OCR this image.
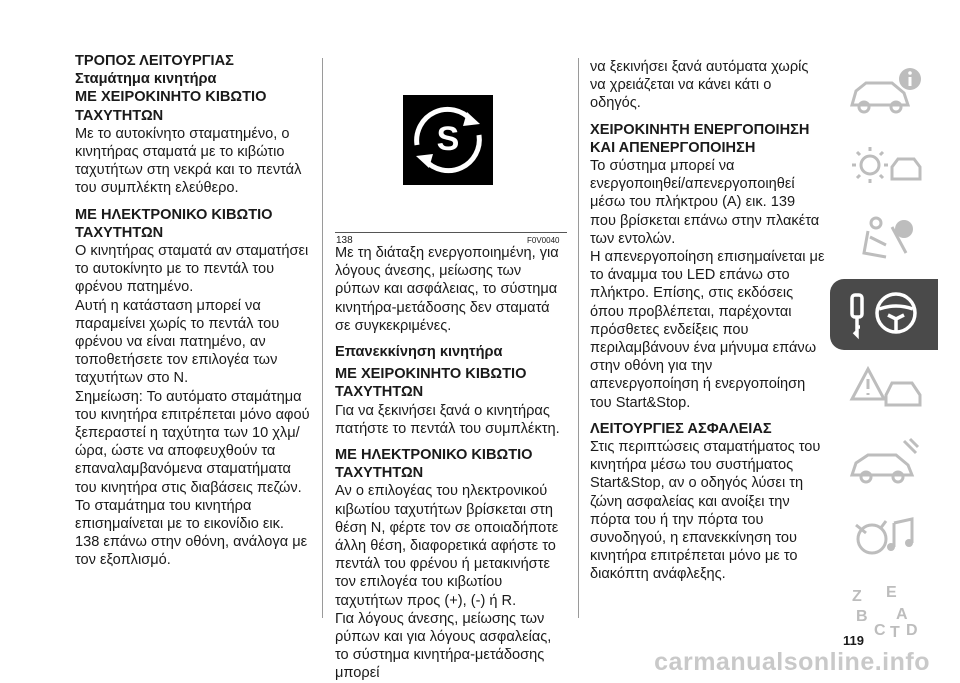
ΤΡΟΠΟΣ ΛΕΙΤΟΥΡΓΙΑΣ

Σταμάτημα κινητήρα

ΜΕ ΧΕΙΡΟΚΙΝΗΤΟ ΚΙΒΩΤΙΟ ΤΑΧΥΤΗΤΩΝ

Με το αυτοκίνητο σταματημένο, ο κινητήρας σταματά με το κιβώτιο ταχυτήτων στη νεκρά και το πεντάλ του συμπλέκτη ελεύθερο.

ΜΕ ΗΛΕΚΤΡΟΝΙΚΟ ΚΙΒΩΤΙΟ ΤΑΧΥΤΗΤΩΝ

Ο κινητήρας σταματά αν σταματήσει το αυτοκίνητο με το πεντάλ του φρένου πατημένο.

Αυτή η κατάσταση μπορεί να παραμείνει χωρίς το πεντάλ του φρένου να είναι πατημένο, αν τοποθετήσετε τον επιλογέα των ταχυτήτων στο N.

Σημείωση: Το αυτόματο σταμάτημα του κινητήρα επιτρέπεται μόνο αφού ξεπεραστεί η ταχύτητα των 10 χλμ/ώρα, ώστε να αποφευχθούν τα επαναλαμβανόμενα σταματήματα του κινητήρα στις διαβάσεις πεζών.

Το σταμάτημα του κινητήρα επισημαίνεται με το εικονίδιο εικ. 138 επάνω στην οθόνη, ανάλογα με τον εξοπλισμό.

S
138	F0V0040

Με τη διάταξη ενεργοποιημένη, για λόγους άνεσης, μείωσης των ρύπων και ασφάλειας, το σύστημα κινητήρα-μετάδοσης δεν σταματά σε συγκεκριμένες.

Επανεκκίνηση κινητήρα

ΜΕ ΧΕΙΡΟΚΙΝΗΤΟ ΚΙΒΩΤΙΟ ΤΑΧΥΤΗΤΩΝ

Για να ξεκινήσει ξανά ο κινητήρας πατήστε το πεντάλ του συμπλέκτη.

ΜΕ ΗΛΕΚΤΡΟΝΙΚΟ ΚΙΒΩΤΙΟ ΤΑΧΥΤΗΤΩΝ

Αν ο επιλογέας του ηλεκτρονικού κιβωτίου ταχυτήτων βρίσκεται στη θέση N, φέρτε τον σε οποιαδήποτε άλλη θέση, διαφορετικά αφήστε το πεντάλ του φρένου ή μετακινήστε τον επιλογέα του κιβωτίου ταχυτήτων προς (+), (-) ή R.

Για λόγους άνεσης, μείωσης των ρύπων και για λόγους ασφαλείας, το σύστημα κινητήρα-μετάδοσης μπορεί

να ξεκινήσει ξανά αυτόματα χωρίς να χρειάζεται να κάνει κάτι ο οδηγός.

ΧΕΙΡΟΚΙΝΗΤΗ ΕΝΕΡΓΟΠΟΙΗΣΗ ΚΑΙ ΑΠΕΝΕΡΓΟΠΟΙΗΣΗ

Το σύστημα μπορεί να ενεργοποιηθεί/απενεργοποιηθεί μέσω του πλήκτρου (A) εικ. 139 που βρίσκεται επάνω στην πλακέτα των εντολών.

Η απενεργοποίηση επισημαίνεται με το άναμμα του LED επάνω στο πλήκτρο. Επίσης, στις εκδόσεις όπου προβλέπεται, παρέχονται πρόσθετες ενδείξεις που περιλαμβάνουν ένα μήνυμα επάνω στην οθόνη για την απενεργοποίηση ή ενεργοποίηση του Start&Stop.

ΛΕΙΤΟΥΡΓΙΕΣ ΑΣΦΑΛΕΙΑΣ

Στις περιπτώσεις σταματήματος του κινητήρα μέσω του συστήματος Start&Stop, αν ο οδηγός λύσει τη ζώνη ασφαλείας και ανοίξει την πόρτα του ή την πόρτα του συνοδηγού, η επανεκκίνηση του κινητήρα επιτρέπεται μόνο με το διακόπτη ανάφλεξης.

Z E
B A
C D
T
119
carmanualsonline.info
